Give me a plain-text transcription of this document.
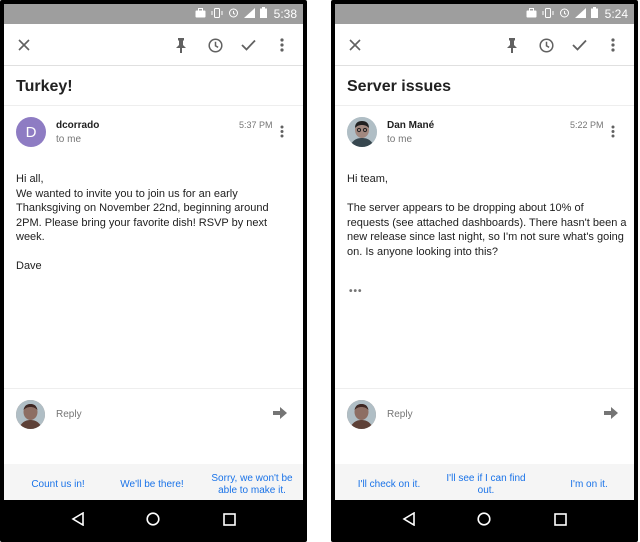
5:38
Turkey!
D dcorrado
to me
5:37 PM
Hi all,
We wanted to invite you to join us for an early Thanksgiving on November 22nd, beginning around 2PM. Please bring your favorite dish! RSVP by next week.

Dave
Reply
Count us in!	We'll be there!
Sorry, we won't be able to make it.
5:24
Server issues
Dan Mané
to me
5:22 PM
Hi team,

The server appears to be dropping about 10% of requests (see attached dashboards). There hasn't been a new release since last night, so I'm not sure what's going on. Is anyone looking into this?
•••
Reply
I'll check on it.
I'll see if I can find out.
I'm on it.
